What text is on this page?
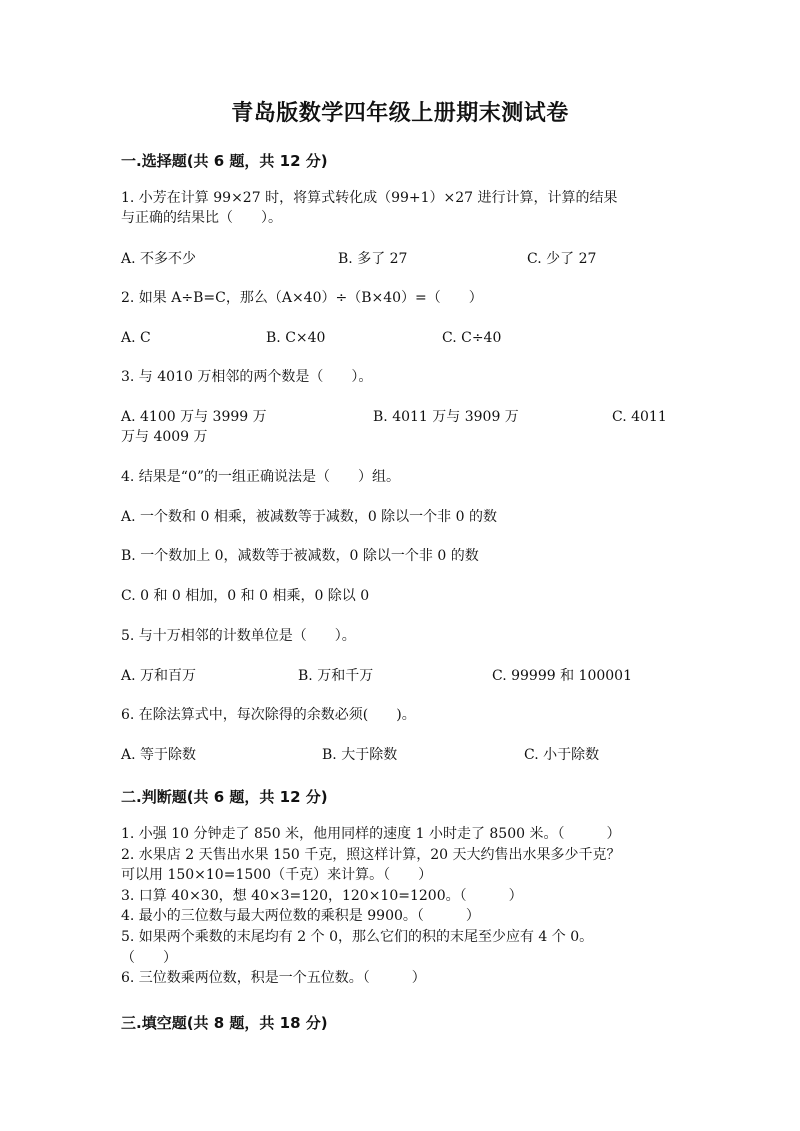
青岛版数学四年级上册期末测试卷
一.选择题(共 6 题，共 12 分)
1. 小芳在计算 99×27 时，将算式转化成（99+1）×27 进行计算，计算的结果
与正确的结果比（　　）。
A. 不多不少	B. 多了 27	C. 少了 27
2. 如果 A÷B=C，那么（A×40）÷（B×40）=（　　）
A. C	B. C×40	C. C÷40
3. 与 4010 万相邻的两个数是（　　）。
A. 4100 万与 3999 万	B. 4011 万与 3909 万	C. 4011
万与 4009 万
4. 结果是“0”的一组正确说法是（　　）组。
A. 一个数和 0 相乘，被减数等于减数，0 除以一个非 0 的数
B. 一个数加上 0，减数等于被减数，0 除以一个非 0 的数
C. 0 和 0 相加，0 和 0 相乘，0 除以 0
5. 与十万相邻的计数单位是（　　）。
A. 万和百万	B. 万和千万	C. 99999 和 100001
6. 在除法算式中，每次除得的余数必须(　　)。
A. 等于除数	B. 大于除数	C. 小于除数
二.判断题(共 6 题，共 12 分)
1. 小强 10 分钟走了 850 米，他用同样的速度 1 小时走了 8500 米。（　　　）
2. 水果店 2 天售出水果 150 千克，照这样计算，20 天大约售出水果多少千克？
可以用 150×10=1500（千克）来计算。（　　）
3. 口算 40×30，想 40×3=120，120×10=1200。（　　　）
4. 最小的三位数与最大两位数的乘积是 9900。（　　　）
5. 如果两个乘数的末尾均有 2 个 0，那么它们的积的末尾至少应有 4 个 0。
（　　）
6. 三位数乘两位数，积是一个五位数。（　　　）
三.填空题(共 8 题，共 18 分)
